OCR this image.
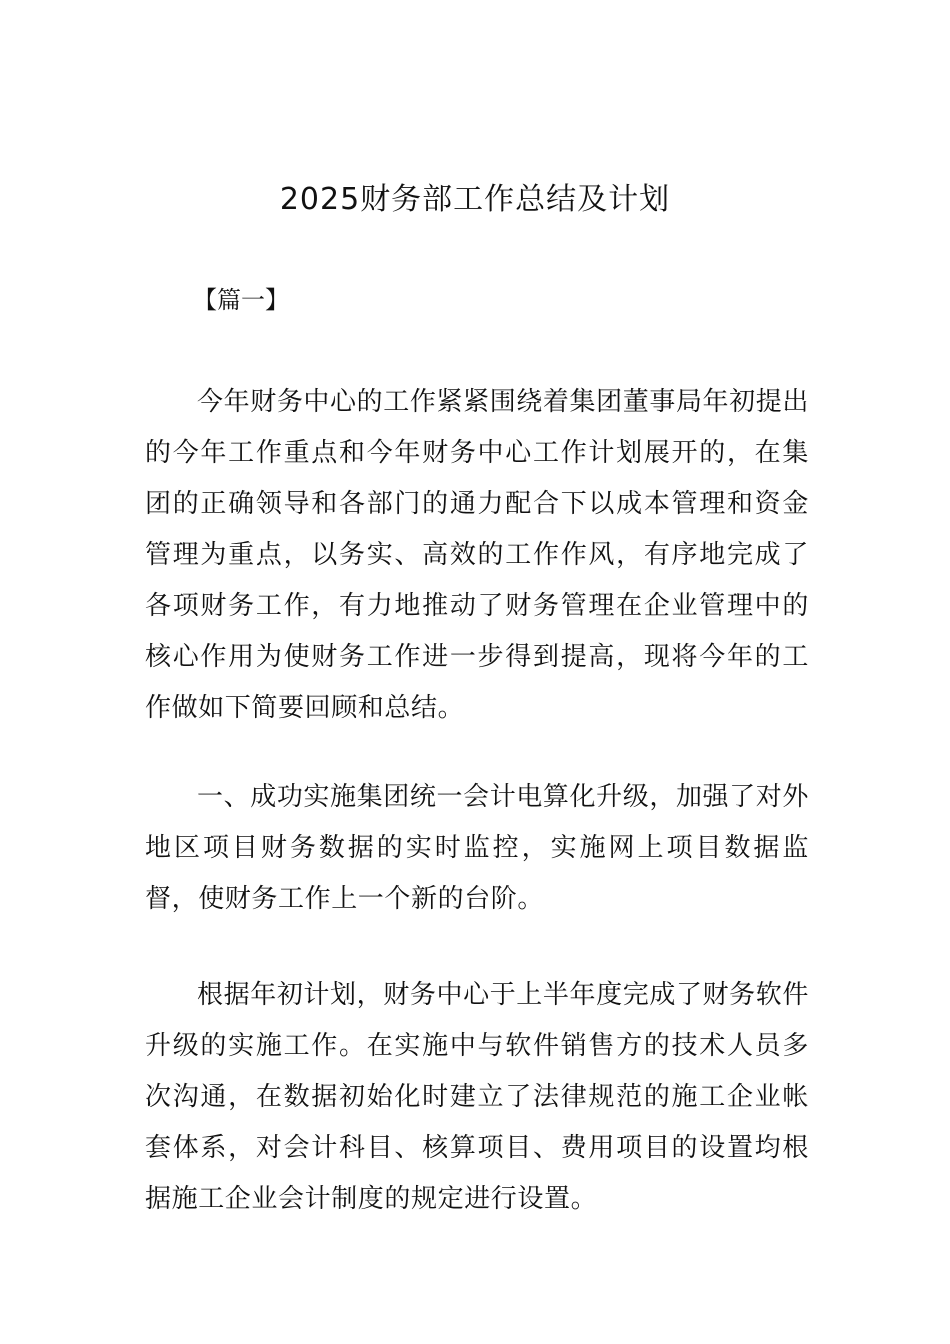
2025财务部工作总结及计划
【篇一】

今年财务中心的工作紧紧围绕着集团董事局年初提出的今年工作重点和今年财务中心工作计划展开的，在集团的正确领导和各部门的通力配合下以成本管理和资金管理为重点，以务实、高效的工作作风，有序地完成了各项财务工作，有力地推动了财务管理在企业管理中的核心作用为使财务工作进一步得到提高，现将今年的工作做如下简要回顾和总结。

一、成功实施集团统一会计电算化升级，加强了对外地区项目财务数据的实时监控，实施网上项目数据监督，使财务工作上一个新的台阶。

根据年初计划，财务中心于上半年度完成了财务软件升级的实施工作。在实施中与软件销售方的技术人员多次沟通，在数据初始化时建立了法律规范的施工企业帐套体系，对会计科目、核算项目、费用项目的设置均根据施工企业会计制度的规定进行设置。
